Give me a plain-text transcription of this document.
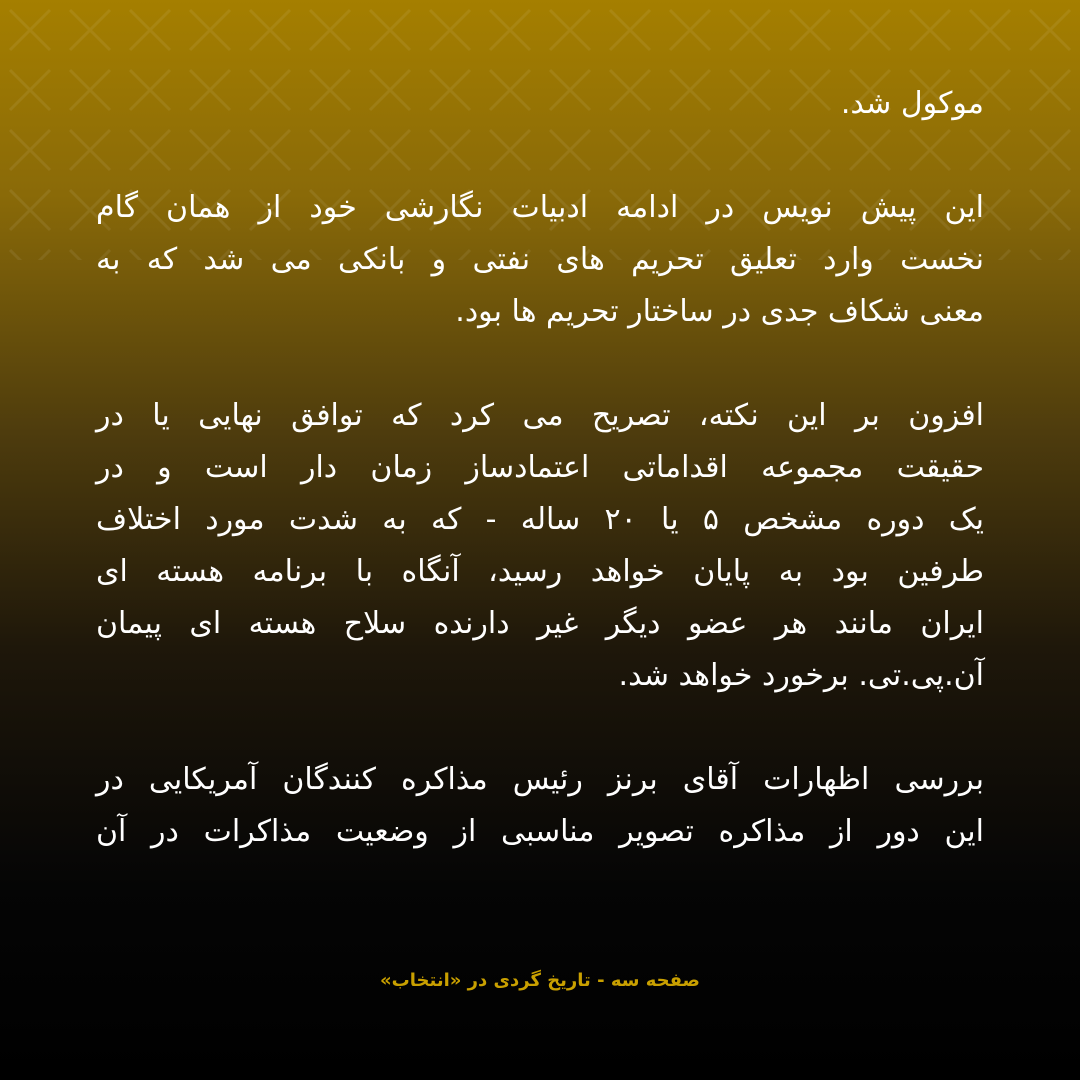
موکول شد.
این پیش نویس در ادامه ادبیات نگارشی خود از همان گام
نخست وارد تعلیق تحریم های نفتی و بانکی می شد که به
معنی شکاف جدی در ساختار تحریم ها بود.
افزون بر این نکته، تصریح می کرد که توافق نهایی یا در
حقیقت مجموعه اقداماتی اعتمادساز زمان دار است و در
یک دوره مشخص ۵ یا ۲۰ ساله - که به شدت مورد اختلاف
طرفین بود به پایان خواهد رسید، آنگاه با برنامه هسته ای
ایران مانند هر عضو دیگر غیر دارنده سلاح هسته ای پیمان
آن.پی.تی. برخورد خواهد شد.
بررسی اظهارات آقای برنز رئیس مذاکره کنندگان آمریکایی در
این دور از مذاکره تصویر مناسبی از وضعیت مذاکرات در آن
صفحه سه - تاریخ گردی در «انتخاب»
